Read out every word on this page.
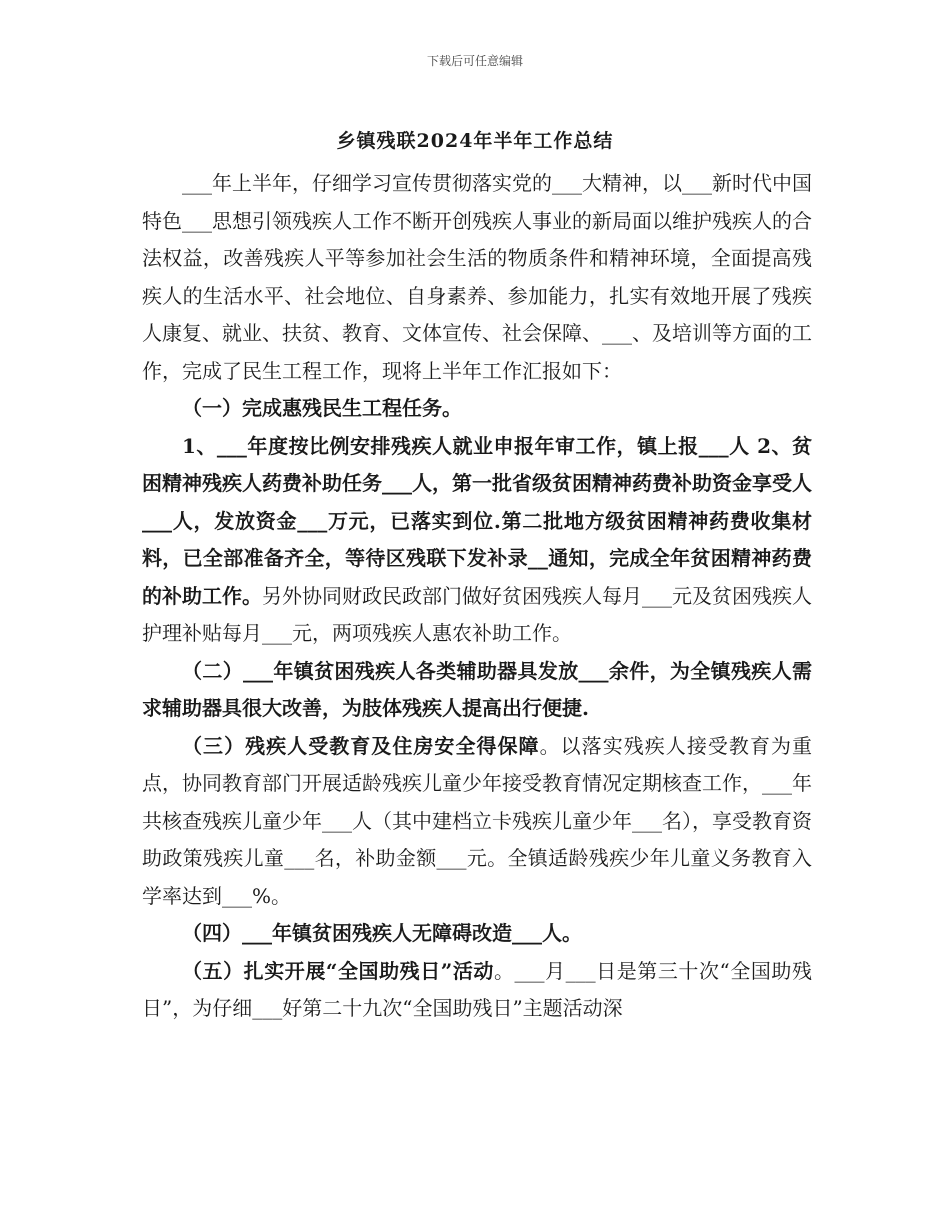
下载后可任意编辑
乡镇残联2024年半年工作总结

___年上半年，仔细学习宣传贯彻落实党的___大精神，以___新时代中国特色___思想引领残疾人工作不断开创残疾人事业的新局面以维护残疾人的合法权益，改善残疾人平等参加社会生活的物质条件和精神环境，全面提高残疾人的生活水平、社会地位、自身素养、参加能力，扎实有效地开展了残疾人康复、就业、扶贫、教育、文体宣传、社会保障、___、及培训等方面的工作，完成了民生工程工作，现将上半年工作汇报如下：

（一）完成惠残民生工程任务。

1、___年度按比例安排残疾人就业申报年审工作，镇上报___人 2、贫困精神残疾人药费补助任务___人，第一批省级贫困精神药费补助资金享受人___人，发放资金___万元，已落实到位.第二批地方级贫困精神药费收集材料，已全部准备齐全，等待区残联下发补录__通知，完成全年贫困精神药费的补助工作。另外协同财政民政部门做好贫困残疾人每月___元及贫困残疾人护理补贴每月___元，两项残疾人惠农补助工作。

（二）___年镇贫困残疾人各类辅助器具发放___余件，为全镇残疾人需求辅助器具很大改善，为肢体残疾人提高出行便捷.

（三）残疾人受教育及住房安全得保障。以落实残疾人接受教育为重点，协同教育部门开展适龄残疾儿童少年接受教育情况定期核查工作，___年共核查残疾儿童少年___人（其中建档立卡残疾儿童少年___名），享受教育资助政策残疾儿童___名，补助金额___元。全镇适龄残疾少年儿童义务教育入学率达到___%。

（四）___年镇贫困残疾人无障碍改造___人。

（五）扎实开展“全国助残日”活动。___月___日是第三十次“全国助残日”，为仔细___好第二十九次“全国助残日”主题活动深
